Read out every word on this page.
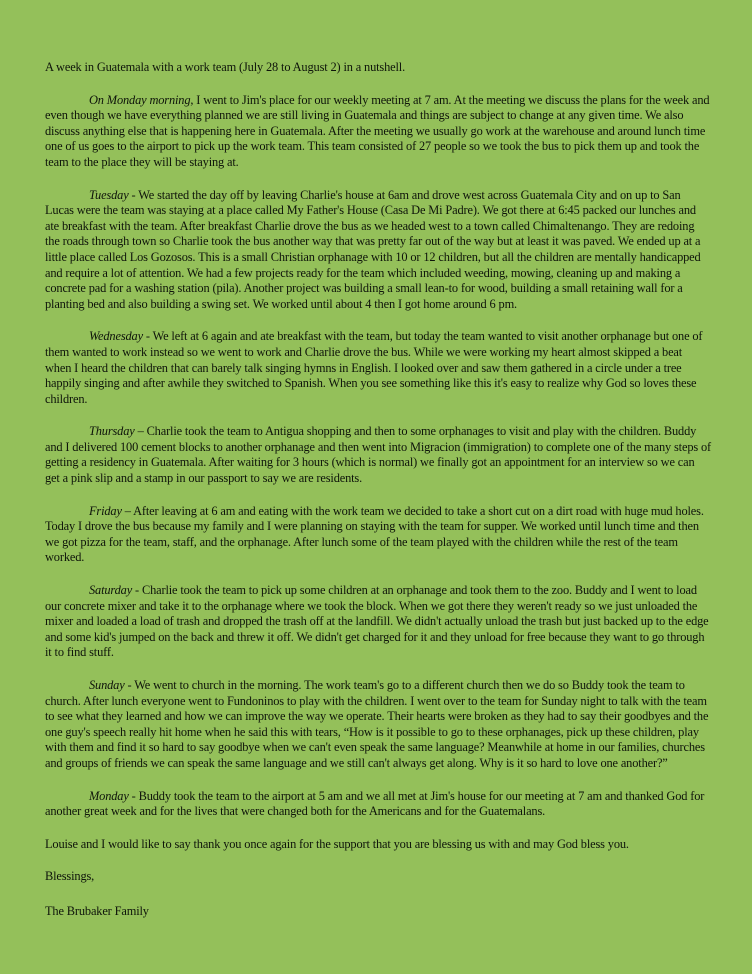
A week in Guatemala with a work team (July 28 to August 2) in a nutshell.

On Monday morning, I went to Jim's place for our weekly meeting at 7 am. At the meeting we discuss the plans for the week and even though we have everything planned we are still living in Guatemala and things are subject to change at any given time. We also discuss anything else that is happening here in Guatemala. After the meeting we usually go work at the warehouse and around lunch time one of us goes to the airport to pick up the work team. This team consisted of 27 people so we took the bus to pick them up and took the team to the place they will be staying at.

Tuesday - We started the day off by leaving Charlie's house at 6am and drove west across Guatemala City and on up to San Lucas were the team was staying at a place called My Father's House (Casa De Mi Padre). We got there at 6:45 packed our lunches and ate breakfast with the team. After breakfast Charlie drove the bus as we headed west to a town called Chimaltenango. They are redoing the roads through town so Charlie took the bus another way that was pretty far out of the way but at least it was paved. We ended up at a little place called Los Gozosos. This is a small Christian orphanage with 10 or 12 children, but all the children are mentally handicapped and require a lot of attention. We had a few projects ready for the team which included weeding, mowing, cleaning up and making a concrete pad for a washing station (pila). Another project was building a small lean-to for wood, building a small retaining wall for a planting bed and also building a swing set. We worked until about 4 then I got home around 6 pm.

Wednesday - We left at 6 again and ate breakfast with the team, but today the team wanted to visit another orphanage but one of them wanted to work instead so we went to work and Charlie drove the bus. While we were working my heart almost skipped a beat when I heard the children that can barely talk singing hymns in English. I looked over and saw them gathered in a circle under a tree happily singing and after awhile they switched to Spanish. When you see something like this it's easy to realize why God so loves these children.

Thursday – Charlie took the team to Antigua shopping and then to some orphanages to visit and play with the children. Buddy and I delivered 100 cement blocks to another orphanage and then went into Migracion (immigration) to complete one of the many steps of getting a residency in Guatemala. After waiting for 3 hours (which is normal) we finally got an appointment for an interview so we can get a pink slip and a stamp in our passport to say we are residents.

Friday – After leaving at 6 am and eating with the work team we decided to take a short cut on a dirt road with huge mud holes. Today I drove the bus because my family and I were planning on staying with the team for supper. We worked until lunch time and then we got pizza for the team, staff, and the orphanage. After lunch some of the team played with the children while the rest of the team worked.

Saturday - Charlie took the team to pick up some children at an orphanage and took them to the zoo. Buddy and I went to load our concrete mixer and take it to the orphanage where we took the block. When we got there they weren't ready so we just unloaded the mixer and loaded a load of trash and dropped the trash off at the landfill. We didn't actually unload the trash but just backed up to the edge and some kid's jumped on the back and threw it off. We didn't get charged for it and they unload for free because they want to go through it to find stuff.

Sunday - We went to church in the morning. The work team's go to a different church then we do so Buddy took the team to church. After lunch everyone went to Fundoninos to play with the children. I went over to the team for Sunday night to talk with the team to see what they learned and how we can improve the way we operate. Their hearts were broken as they had to say their goodbyes and the one guy's speech really hit home when he said this with tears, “How is it possible to go to these orphanages, pick up these children, play with them and find it so hard to say goodbye when we can't even speak the same language? Meanwhile at home in our families, churches and groups of friends we can speak the same language and we still can't always get along. Why is it so hard to love one another?”

Monday - Buddy took the team to the airport at 5 am and we all met at Jim's house for our meeting at 7 am and thanked God for another great week and for the lives that were changed both for the Americans and for the Guatemalans.

Louise and I would like to say thank you once again for the support that you are blessing us with and may God bless you.

Blessings,

The Brubaker Family
